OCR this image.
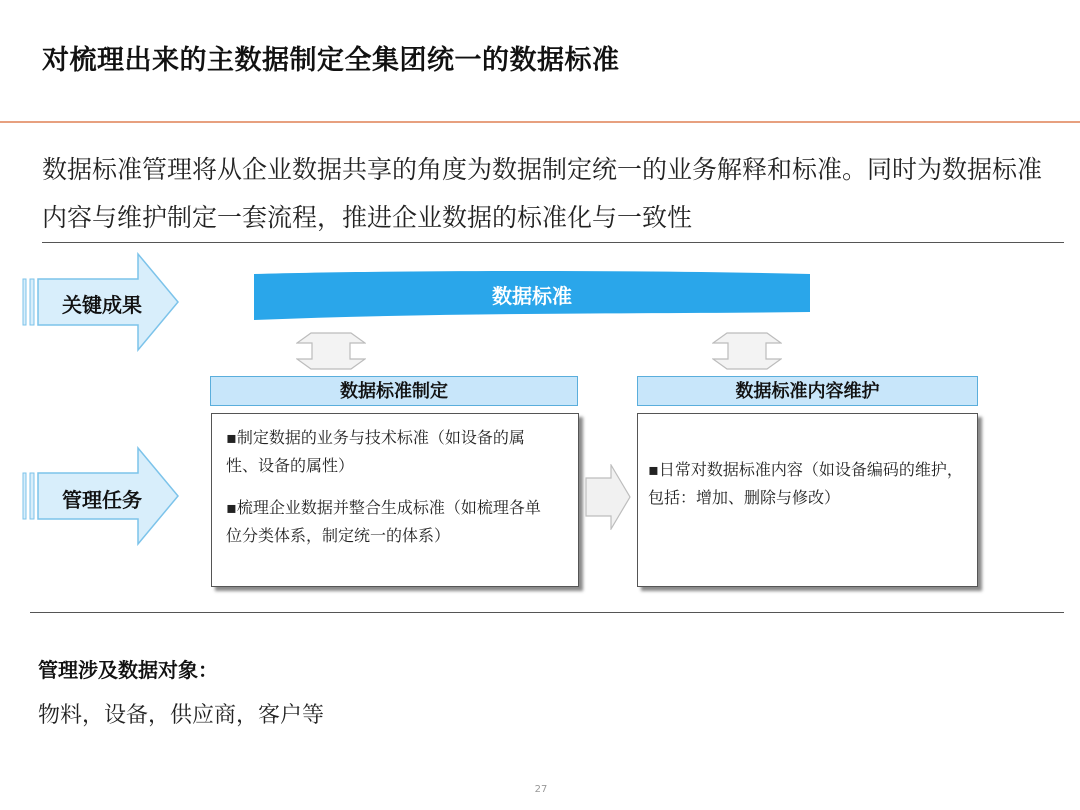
对梳理出来的主数据制定全集团统一的数据标准
数据标准管理将从企业数据共享的角度为数据制定统一的业务解释和标准。同时为数据标准内容与维护制定一套流程，推进企业数据的标准化与一致性
关键成果
管理任务
数据标准
数据标准制定
▪制定数据的业务与技术标准（如设备的属性、设备的属性）
▪梳理企业数据并整合生成标准（如梳理各单位分类体系，制定统一的体系）
数据标准内容维护
▪日常对数据标准内容（如设备编码的维护，包括：增加、删除与修改）
管理涉及数据对象：
物料，设备，供应商，客户等
27
